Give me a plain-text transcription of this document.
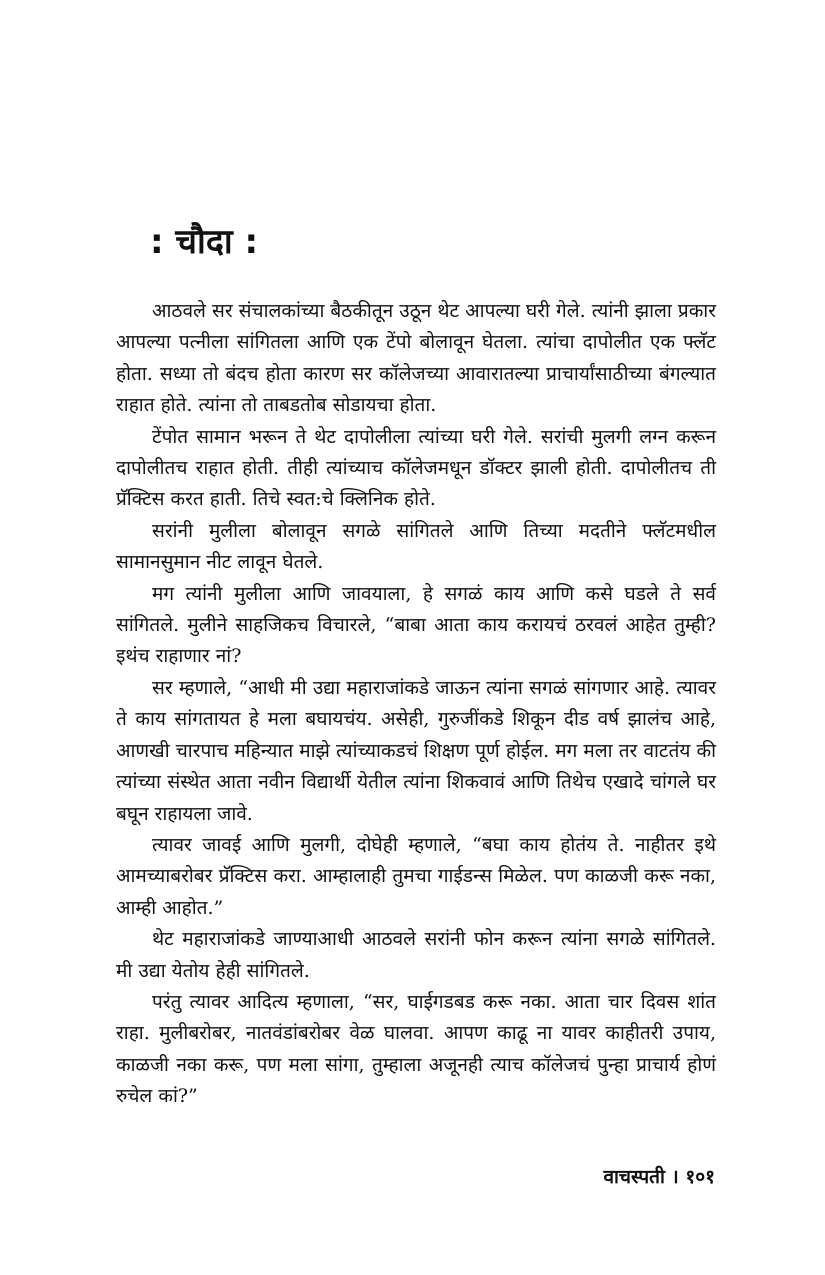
: चौदा :

आठवले सर संचालकांच्या बैठकीतून उठून थेट आपल्या घरी गेले. त्यांनी झाला प्रकार आपल्या पत्नीला सांगितला आणि एक टेंपो बोलावून घेतला. त्यांचा दापोलीत एक फ्लॅट होता. सध्या तो बंदच होता कारण सर कॉलेजच्या आवारातल्या प्राचार्यांसाठीच्या बंगल्यात राहात होते. त्यांना तो ताबडतोब सोडायचा होता.

टेंपोत सामान भरून ते थेट दापोलीला त्यांच्या घरी गेले. सरांची मुलगी लग्न करून दापोलीतच राहात होती. तीही त्यांच्याच कॉलेजमधून डॉक्टर झाली होती. दापोलीतच ती प्रॅक्टिस करत हाती. तिचे स्वत:चे क्लिनिक होते.

सरांनी मुलीला बोलावून सगळे सांगितले आणि तिच्या मदतीने फ्लॅटमधील सामानसुमान नीट लावून घेतले.

मग त्यांनी मुलीला आणि जावयाला, हे सगळं काय आणि कसे घडले ते सर्व सांगितले. मुलीने साहजिकच विचारले, “बाबा आता काय करायचं ठरवलं आहेत तुम्ही? इथंच राहाणार नां?

सर म्हणाले, “आधी मी उद्या महाराजांकडे जाऊन त्यांना सगळं सांगणार आहे. त्यावर ते काय सांगतायत हे मला बघायचंय. असेही, गुरुजींकडे शिकून दीड वर्ष झालंच आहे, आणखी चारपाच महिन्यात माझे त्यांच्याकडचं शिक्षण पूर्ण होईल. मग मला तर वाटतंय की त्यांच्या संस्थेत आता नवीन विद्यार्थी येतील त्यांना शिकवावं आणि तिथेच एखादे चांगले घर बघून राहायला जावे.

त्यावर जावई आणि मुलगी, दोघेही म्हणाले, “बघा काय होतंय ते. नाहीतर इथे आमच्याबरोबर प्रॅक्टिस करा. आम्हालाही तुमचा गाईडन्स मिळेल. पण काळजी करू नका, आम्ही आहोत.”

थेट महाराजांकडे जाण्याआधी आठवले सरांनी फोन करून त्यांना सगळे सांगितले. मी उद्या येतोय हेही सांगितले.

परंतु त्यावर आदित्य म्हणाला, “सर, घाईगडबड करू नका. आता चार दिवस शांत राहा. मुलीबरोबर, नातवंडांबरोबर वेळ घालवा. आपण काढू ना यावर काहीतरी उपाय, काळजी नका करू, पण मला सांगा, तुम्हाला अजूनही त्याच कॉलेजचं पुन्हा प्राचार्य होणं रुचेल कां?”

वाचस्पती । १०१
